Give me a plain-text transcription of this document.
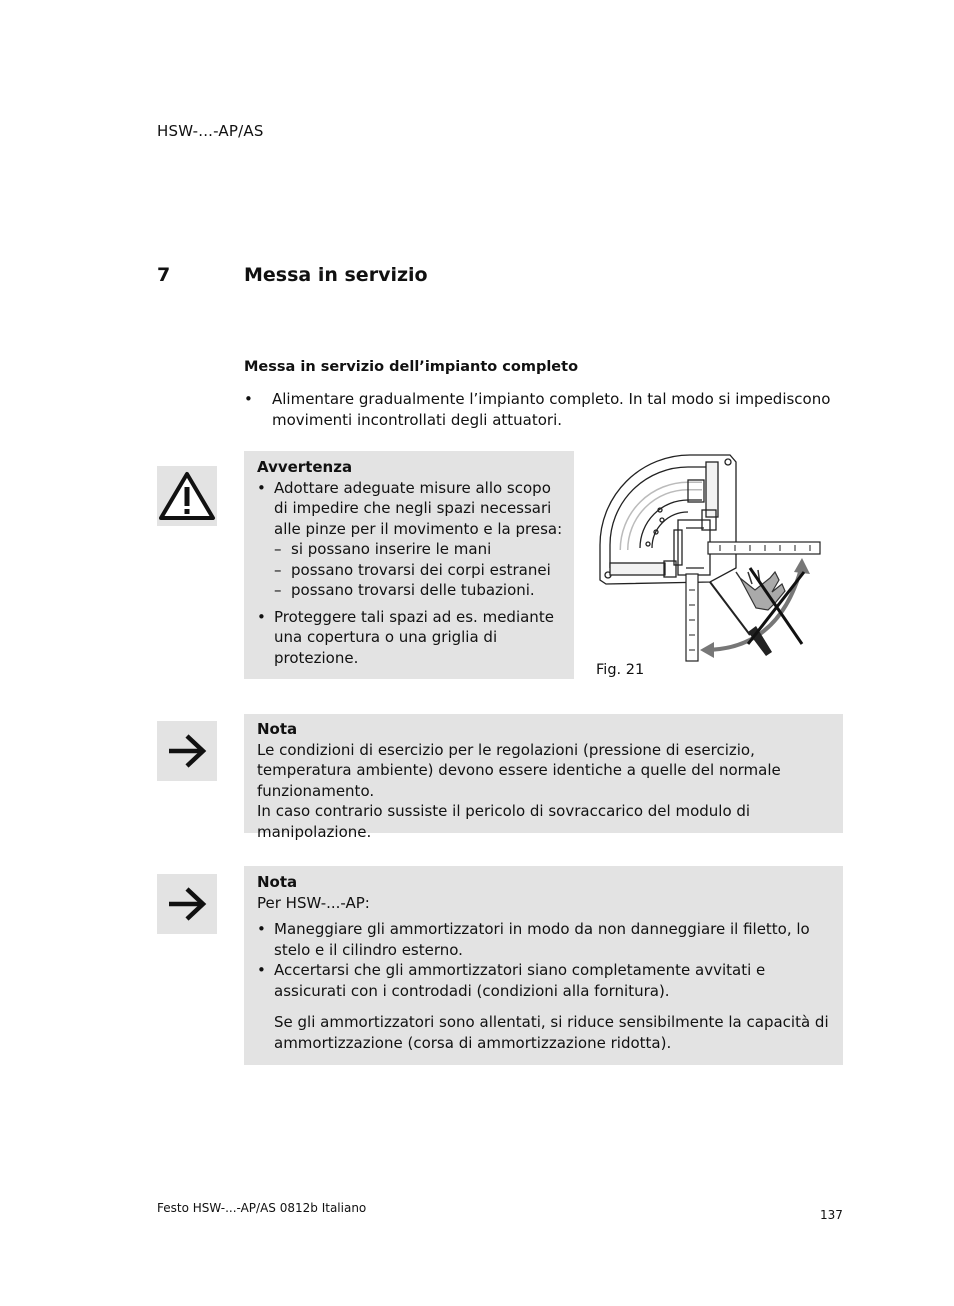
HSW-...-AP/AS
7	Messa in servizio
Messa in servizio dell’impianto completo
•	Alimentare gradualmente l’impianto completo. In tal modo si impediscono movimenti incontrollati degli attuatori.
Avvertenza
• Adottare adeguate misure allo scopo di impedire che negli spazi necessari alle pinze per il movimento e la presa:
– si possano inserire le mani
– possano trovarsi dei corpi estranei
– possano trovarsi delle tubazioni.
• Proteggere tali spazi ad es. mediante una copertura o una griglia di protezione.
Fig. 21
Nota
Le condizioni di esercizio per le regolazioni (pressione di esercizio, temperatura ambiente) devono essere identiche a quelle del normale funzionamento.
In caso contrario sussiste il pericolo di sovraccarico del modulo di manipolazione.
Nota
Per HSW-...-AP:
• Maneggiare gli ammortizzatori in modo da non danneggiare il filetto, lo stelo e il cilindro esterno.
• Accertarsi che gli ammortizzatori siano completamente avvitati e assicurati con i controdadi (condizioni alla fornitura).
Se gli ammortizzatori sono allentati, si riduce sensibilmente la capacità di ammortizzazione (corsa di ammortizzazione ridotta).
Festo HSW-...-AP/AS 0812b Italiano	137
